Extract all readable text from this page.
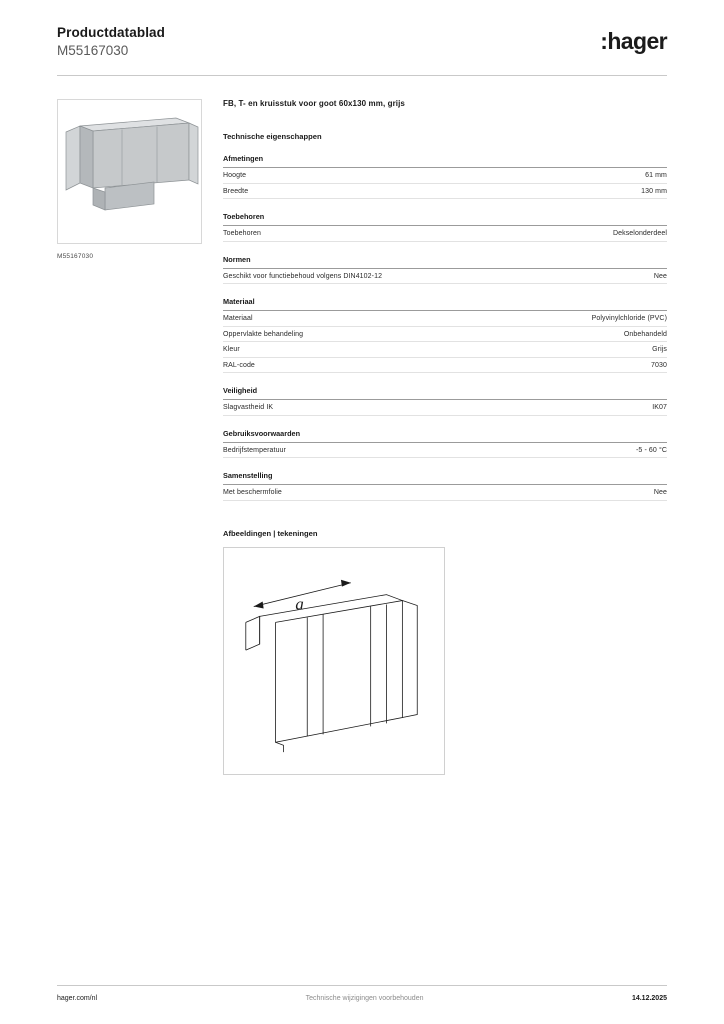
Productdatablad
M55167030	:hager
M55167030
FB, T- en kruisstuk voor goot 60x130 mm, grijs
Technische eigenschappen
Afmetingen
Hoogte	61 mm
Breedte	130 mm
Toebehoren
Toebehoren	Dekselonderdeel
Normen
Geschikt voor functiebehoud volgens DIN4102-12	Nee
Materiaal
Materiaal	Polyvinylchloride (PVC)
Oppervlakte behandeling	Onbehandeld
Kleur	Grijs
RAL-code	7030
Veiligheid
Slagvastheid IK	IK07
Gebruiksvoorwaarden
Bedrijfstemperatuur	-5 - 60 °C
Samenstelling
Met beschermfolie	Nee
Afbeeldingen | tekeningen
a
hager.com/nl	Technische wijzigingen voorbehouden	14.12.2025
